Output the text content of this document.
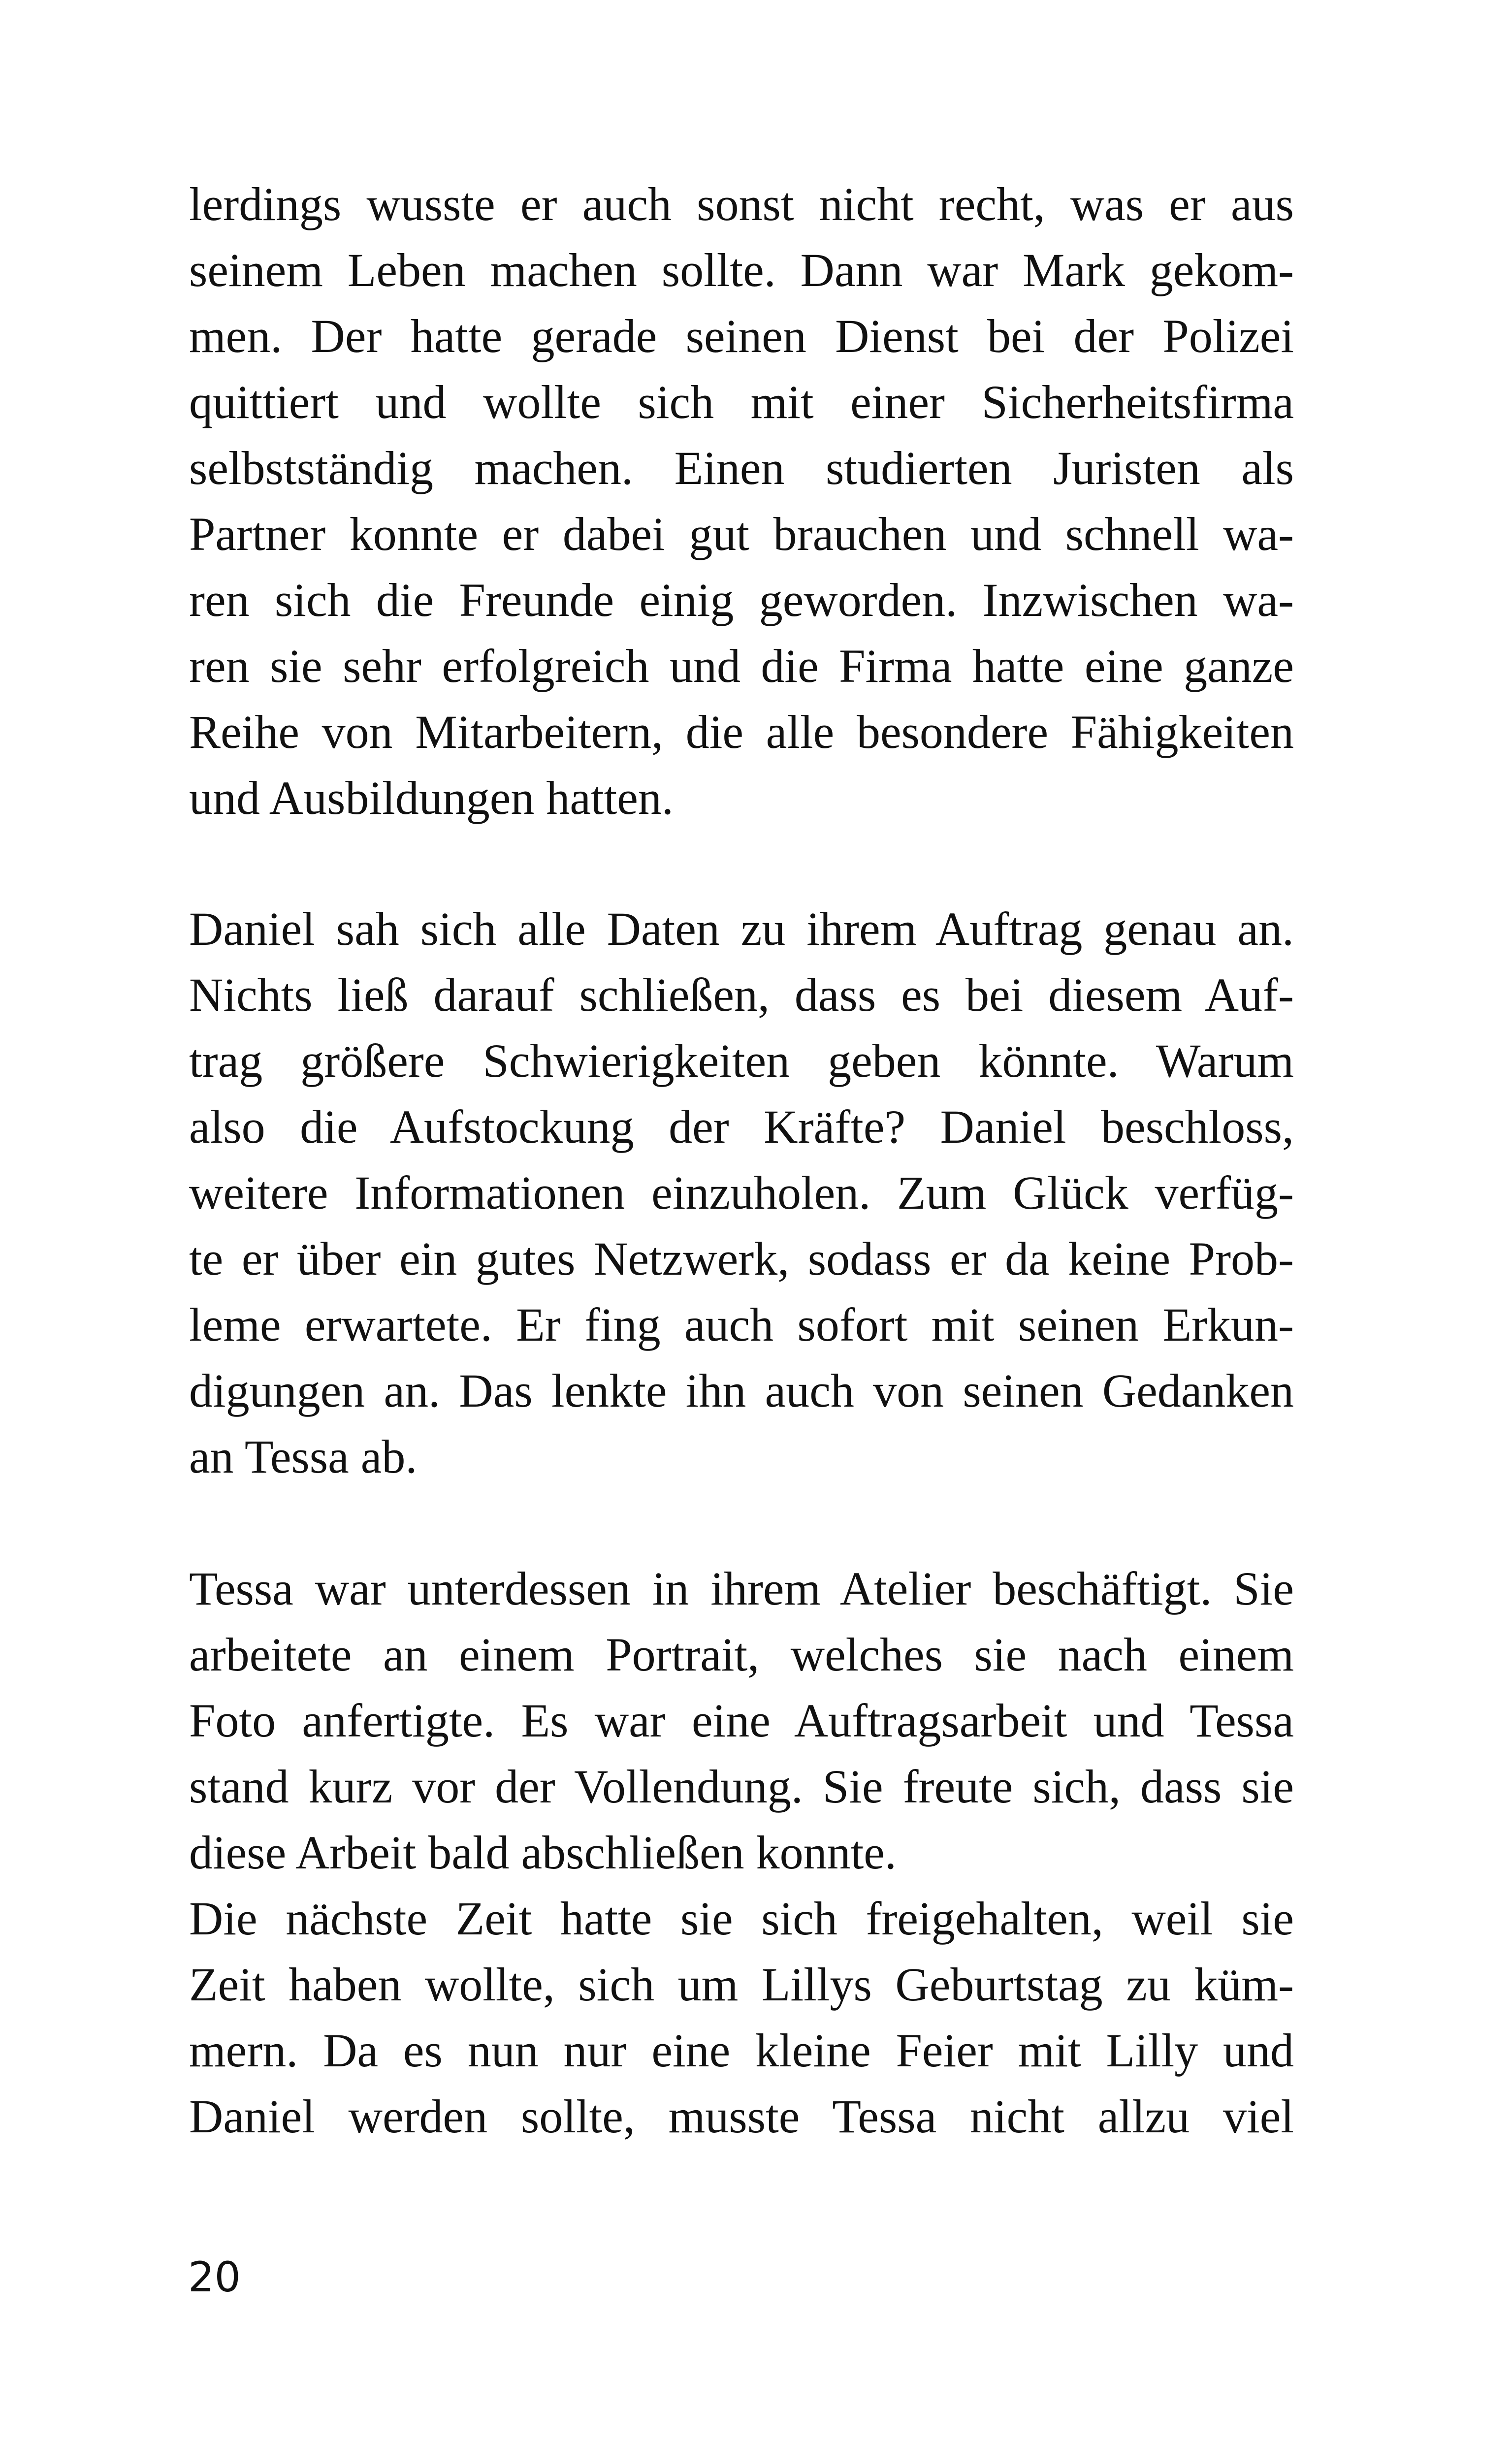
lerdings wusste er auch sonst nicht recht, was er aus
seinem Leben machen sollte. Dann war Mark gekom-
men. Der hatte gerade seinen Dienst bei der Polizei
quittiert und wollte sich mit einer Sicherheitsfirma
selbstständig machen. Einen studierten Juristen als
Partner konnte er dabei gut brauchen und schnell wa-
ren sich die Freunde einig geworden. Inzwischen wa-
ren sie sehr erfolgreich und die Firma hatte eine ganze
Reihe von Mitarbeitern, die alle besondere Fähigkeiten
und Ausbildungen hatten.
Daniel sah sich alle Daten zu ihrem Auftrag genau an.
Nichts ließ darauf schließen, dass es bei diesem Auf-
trag größere Schwierigkeiten geben könnte. Warum
also die Aufstockung der Kräfte? Daniel beschloss,
weitere Informationen einzuholen. Zum Glück verfüg-
te er über ein gutes Netzwerk, sodass er da keine Prob-
leme erwartete. Er fing auch sofort mit seinen Erkun-
digungen an. Das lenkte ihn auch von seinen Gedanken
an Tessa ab.
Tessa war unterdessen in ihrem Atelier beschäftigt. Sie
arbeitete an einem Portrait, welches sie nach einem
Foto anfertigte. Es war eine Auftragsarbeit und Tessa
stand kurz vor der Vollendung. Sie freute sich, dass sie
diese Arbeit bald abschließen konnte.
Die nächste Zeit hatte sie sich freigehalten, weil sie
Zeit haben wollte, sich um Lillys Geburtstag zu küm-
mern. Da es nun nur eine kleine Feier mit Lilly und
Daniel werden sollte, musste Tessa nicht allzu viel
20
